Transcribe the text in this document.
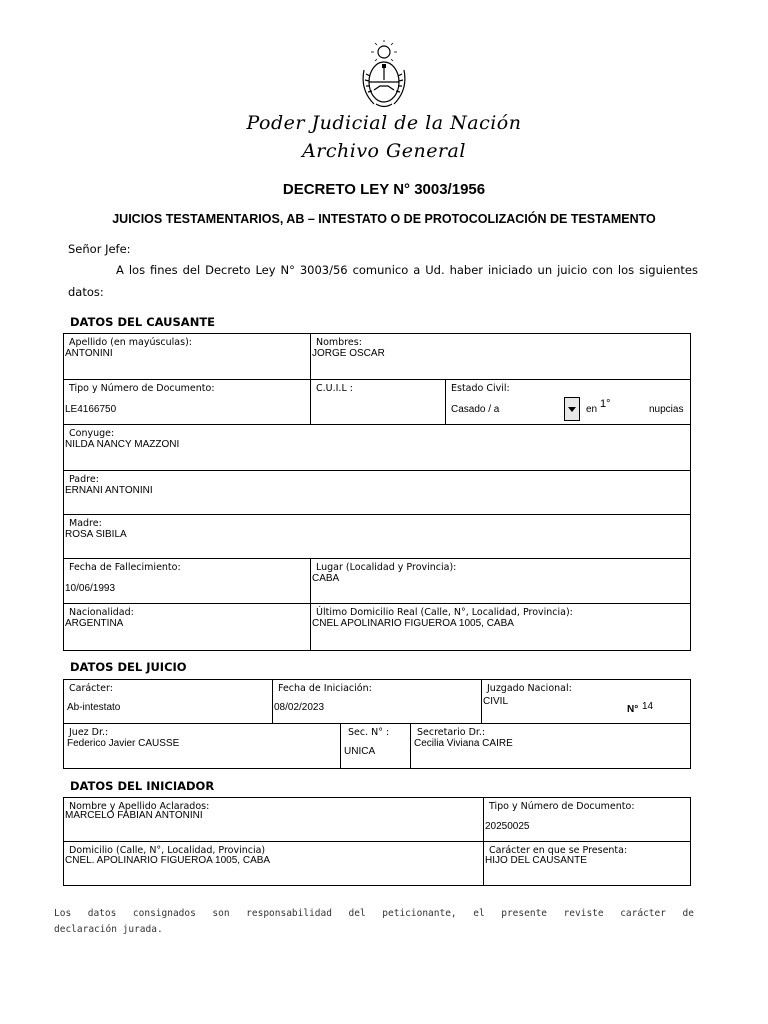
Poder Judicial de la Nación
Archivo General
DECRETO LEY N° 3003/1956
JUICIOS TESTAMENTARIOS, AB – INTESTATO O DE PROTOCOLIZACIÓN DE TESTAMENTO
Señor Jefe:
A los fines del Decreto Ley N° 3003/56 comunico a Ud. haber iniciado un juicio con los siguientes
datos:
DATOS DEL CAUSANTE
Apellido (en mayúsculas):
ANTONINI
Nombres:
JORGE OSCAR
Tipo y Número de Documento:
LE4166750
C.U.I.L :	Estado Civil:
Casado / a	en 1°	nupcias
Conyuge:
NILDA NANCY MAZZONI
Padre:
ERNANI ANTONINI
Madre:
ROSA SIBILA
Fecha de Fallecimiento:
10/06/1993
Lugar (Localidad y Provincia):
CABA
Nacionalidad:
ARGENTINA
Último Domicilio Real (Calle, N°, Localidad, Provincia):
CNEL APOLINARIO FIGUEROA 1005, CABA
DATOS DEL JUICIO
Carácter:
Ab-intestato
Fecha de Iniciación:
08/02/2023
Juzgado Nacional:
CIVIL
N° 14
Juez Dr.:
Federico Javier CAUSSE
Sec. N° :
UNICA
Secretario Dr.:
Cecilia Viviana CAIRE
DATOS DEL INICIADOR
Nombre y Apellido Aclarados:
MARCELO FABIAN ANTONINI
Tipo y Número de Documento:
20250025
Domicilio (Calle, N°, Localidad, Provincia)
CNEL. APOLINARIO FIGUEROA 1005, CABA
Carácter en que se Presenta:
HIJO DEL CAUSANTE
Los datos consignados son responsabilidad del peticionante, el presente reviste carácter de
declaración jurada.
